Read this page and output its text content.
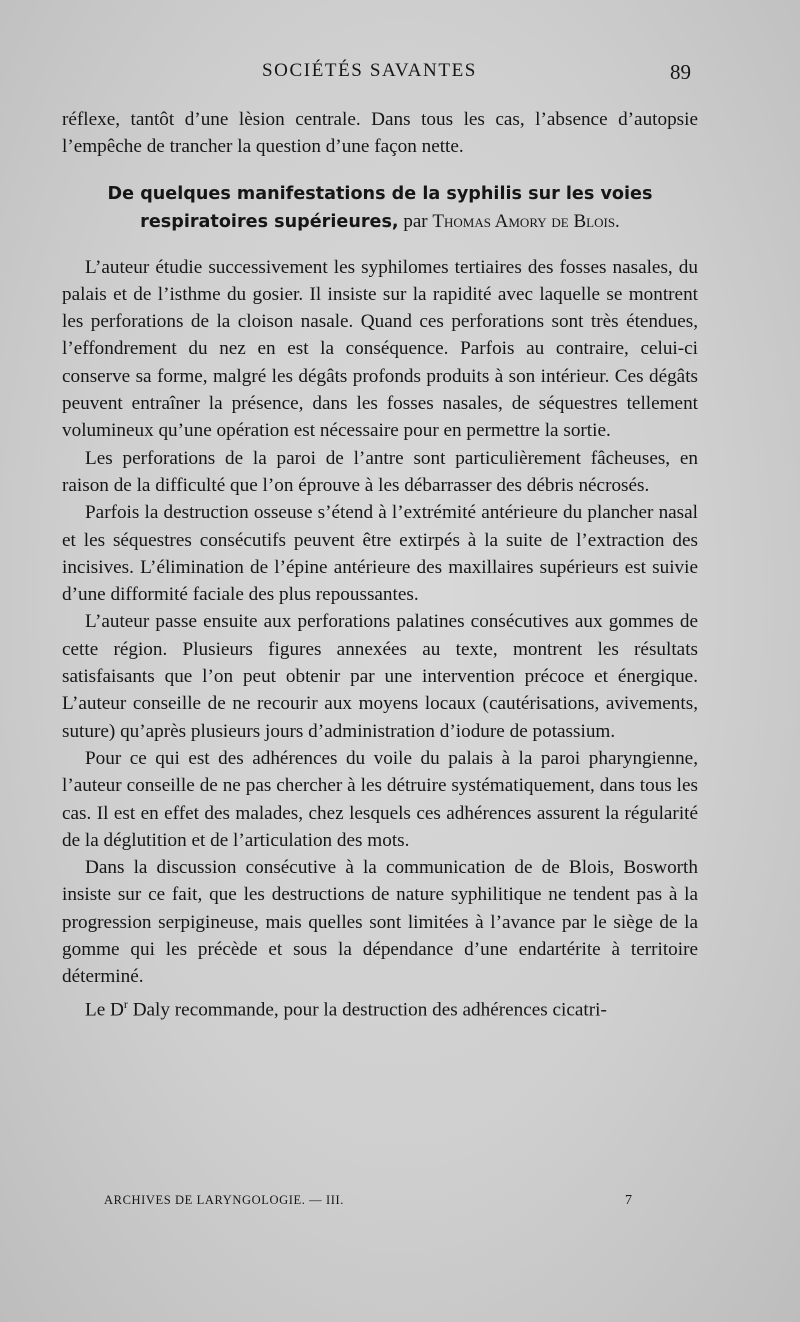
SOCIÉTÉS SAVANTES	89

réflexe, tantôt d’une lèsion centrale. Dans tous les cas, l’absence d’autopsie l’empêche de trancher la question d’une façon nette.

De quelques manifestations de la syphilis sur les voies respiratoires supérieures, par Thomas Amory de Blois.

L’auteur étudie successivement les syphilomes tertiaires des fosses nasales, du palais et de l’isthme du gosier. Il insiste sur la rapidité avec laquelle se montrent les perforations de la cloison nasale. Quand ces perforations sont très étendues, l’effondrement du nez en est la conséquence. Parfois au contraire, celui-ci conserve sa forme, malgré les dégâts profonds produits à son intérieur. Ces dégâts peuvent entraîner la présence, dans les fosses nasales, de séquestres tellement volumineux qu’une opération est nécessaire pour en permettre la sortie.

Les perforations de la paroi de l’antre sont particulièrement fâcheuses, en raison de la difficulté que l’on éprouve à les débarrasser des débris nécrosés.

Parfois la destruction osseuse s’étend à l’extrémité antérieure du plancher nasal et les séquestres consécutifs peuvent être extirpés à la suite de l’extraction des incisives. L’élimination de l’épine antérieure des maxillaires supérieurs est suivie d’une difformité faciale des plus repoussantes.

L’auteur passe ensuite aux perforations palatines consécutives aux gommes de cette région. Plusieurs figures annexées au texte, montrent les résultats satisfaisants que l’on peut obtenir par une intervention précoce et énergique. L’auteur conseille de ne recourir aux moyens locaux (cautérisations, avivements, suture) qu’après plusieurs jours d’administration d’iodure de potassium.

Pour ce qui est des adhérences du voile du palais à la paroi pharyngienne, l’auteur conseille de ne pas chercher à les détruire systématiquement, dans tous les cas. Il est en effet des malades, chez lesquels ces adhérences assurent la régularité de la déglutition et de l’articulation des mots.

Dans la discussion consécutive à la communication de de Blois, Bosworth insiste sur ce fait, que les destructions de nature syphilitique ne tendent pas à la progression serpigineuse, mais quelles sont limitées à l’avance par le siège de la gomme qui les précède et sous la dépendance d’une endartérite à territoire déterminé.

Le $D^r$ Daly recommande, pour la destruction des adhérences cicatri-

ARCHIVES DE LARYNGOLOGIE. — III.	7
